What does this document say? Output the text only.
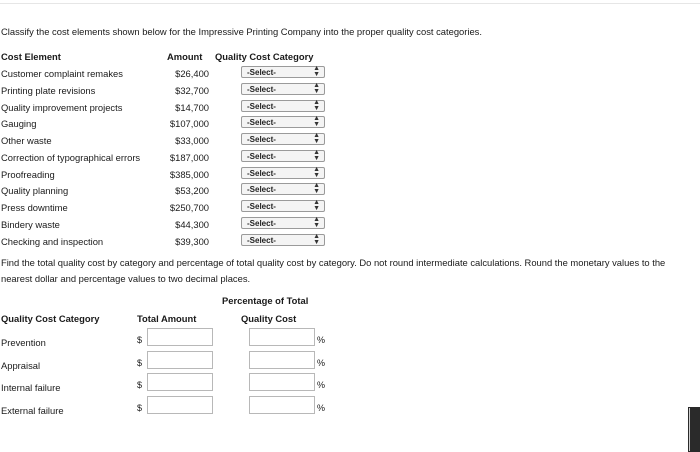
Classify the cost elements shown below for the Impressive Printing Company into the proper quality cost categories.
Cost Element	Amount Quality Cost Category
Customer complaint remakes	$26,400	-Select-	▲
▼
Printing plate revisions	$32,700	-Select-	▲
▼
Quality improvement projects	$14,700	-Select-	▲
▼
Gauging	$107,000	-Select-	▲
▼
Other waste	$33,000	-Select-	▲
▼
Correction of typographical errors	$187,000	-Select-	▲
▼
Proofreading	$385,000	-Select-	▲
▼
Quality planning	$53,200	-Select-	▲
▼
Press downtime	$250,700	-Select-	▲
▼
Bindery waste	$44,300	-Select-	▲
▼
Checking and inspection	$39,300	-Select-	▲
▼
Find the total quality cost by category and percentage of total quality cost by category. Do not round intermediate calculations. Round the monetary values to the nearest dollar and percentage values to two decimal places.
Percentage of Total
Quality Cost Category	Total Amount	Quality Cost
Prevention	$	%
Appraisal	$	%
Internal failure	$	%
External failure	$	%
